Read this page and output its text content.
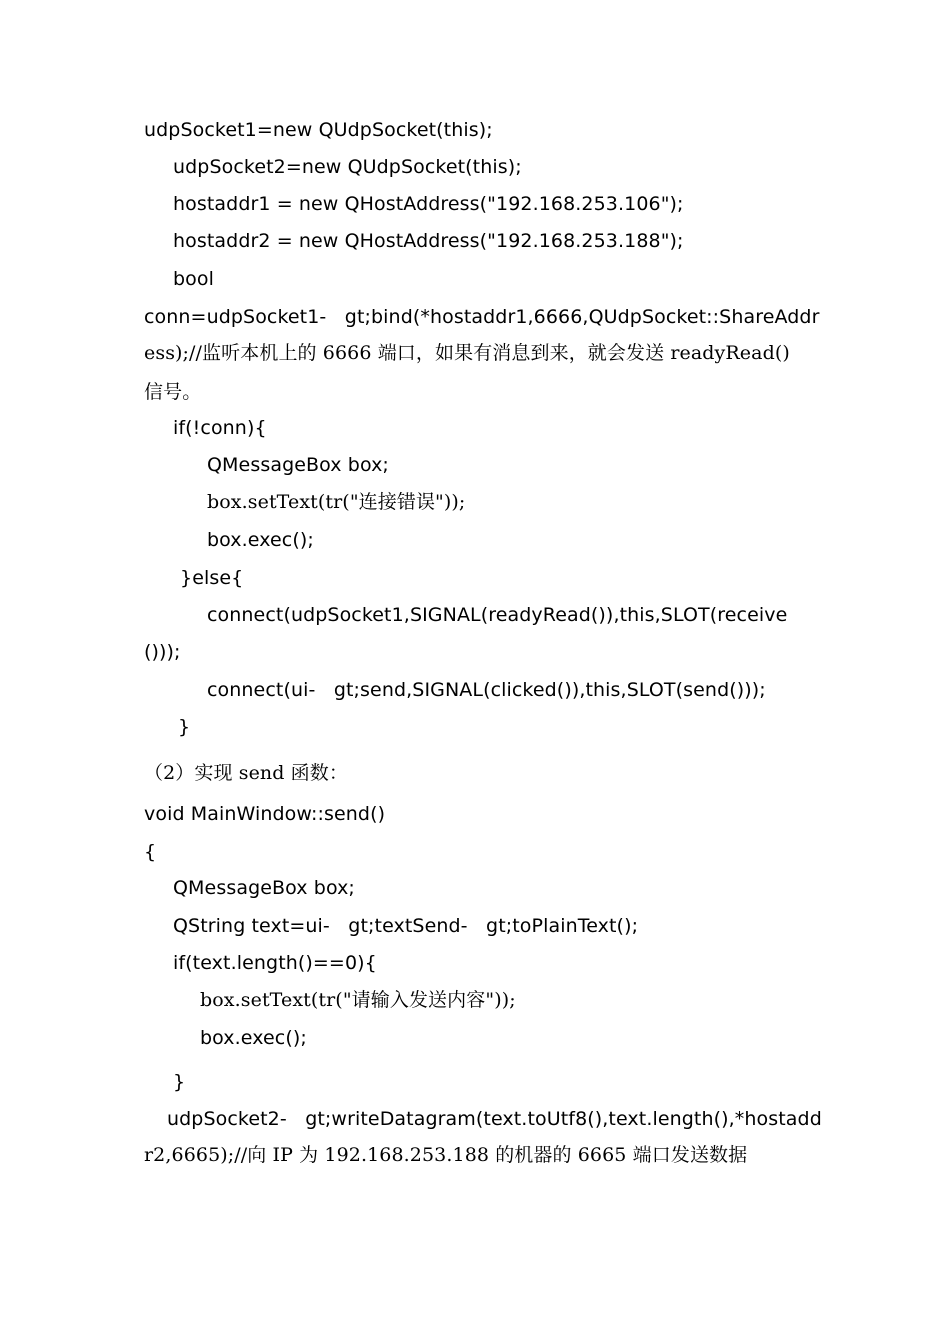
udpSocket1=new QUdpSocket(this);
udpSocket2=new QUdpSocket(this);
hostaddr1 = new QHostAddress("192.168.253.106");
hostaddr2 = new QHostAddress("192.168.253.188");
bool
conn=udpSocket1-   gt;bind(*hostaddr1,6666,QUdpSocket::ShareAddr
ess);//监听本机上的 6666 端口，如果有消息到来，就会发送 readyRead()
信号。
if(!conn){
QMessageBox box;
box.setText(tr("连接错误"));
box.exec();
}else{
connect(udpSocket1,SIGNAL(readyRead()),this,SLOT(receive
()));
connect(ui-   gt;send,SIGNAL(clicked()),this,SLOT(send()));
}
（2）实现 send 函数：
void MainWindow::send()
{
QMessageBox box;
QString text=ui-   gt;textSend-   gt;toPlainText();
if(text.length()==0){
box.setText(tr("请输入发送内容"));
box.exec();
}
udpSocket2-   gt;writeDatagram(text.toUtf8(),text.length(),*hostadd
r2,6665);//向 IP 为 192.168.253.188 的机器的 6665 端口发送数据
